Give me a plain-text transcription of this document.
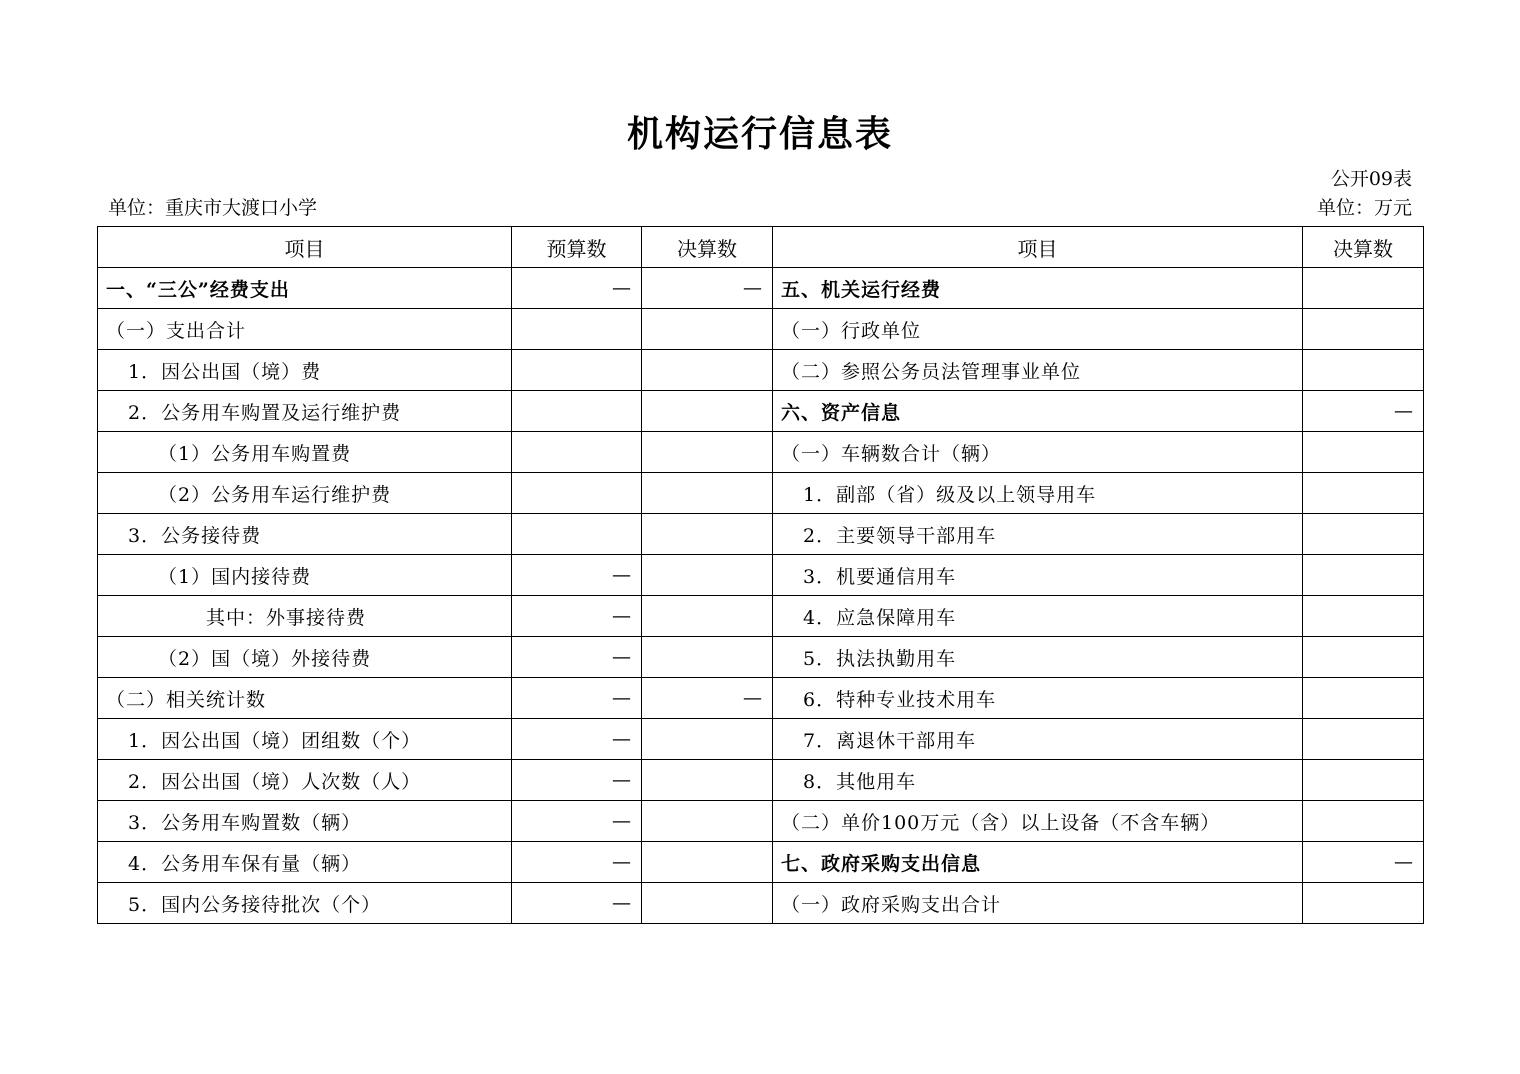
机构运行信息表
公开09表
单位：重庆市大渡口小学	单位：万元
项目	预算数	决算数	项目	决算数
一、“三公”经费支出	—	—	五、机关运行经费	
（一）支出合计			（一）行政单位	
1．因公出国（境）费			（二）参照公务员法管理事业单位	
2．公务用车购置及运行维护费			六、资产信息	—
（1）公务用车购置费			（一）车辆数合计（辆）	
（2）公务用车运行维护费			1．副部（省）级及以上领导用车	
3．公务接待费			2．主要领导干部用车	
（1）国内接待费	—		3．机要通信用车	
其中：外事接待费	—		4．应急保障用车	
（2）国（境）外接待费	—		5．执法执勤用车	
（二）相关统计数	—	—	6．特种专业技术用车	
1．因公出国（境）团组数（个）	—		7．离退休干部用车	
2．因公出国（境）人次数（人）	—		8．其他用车	
3．公务用车购置数（辆）	—		（二）单价100万元（含）以上设备（不含车辆）	
4．公务用车保有量（辆）	—		七、政府采购支出信息	—
5．国内公务接待批次（个）	—		（一）政府采购支出合计	
